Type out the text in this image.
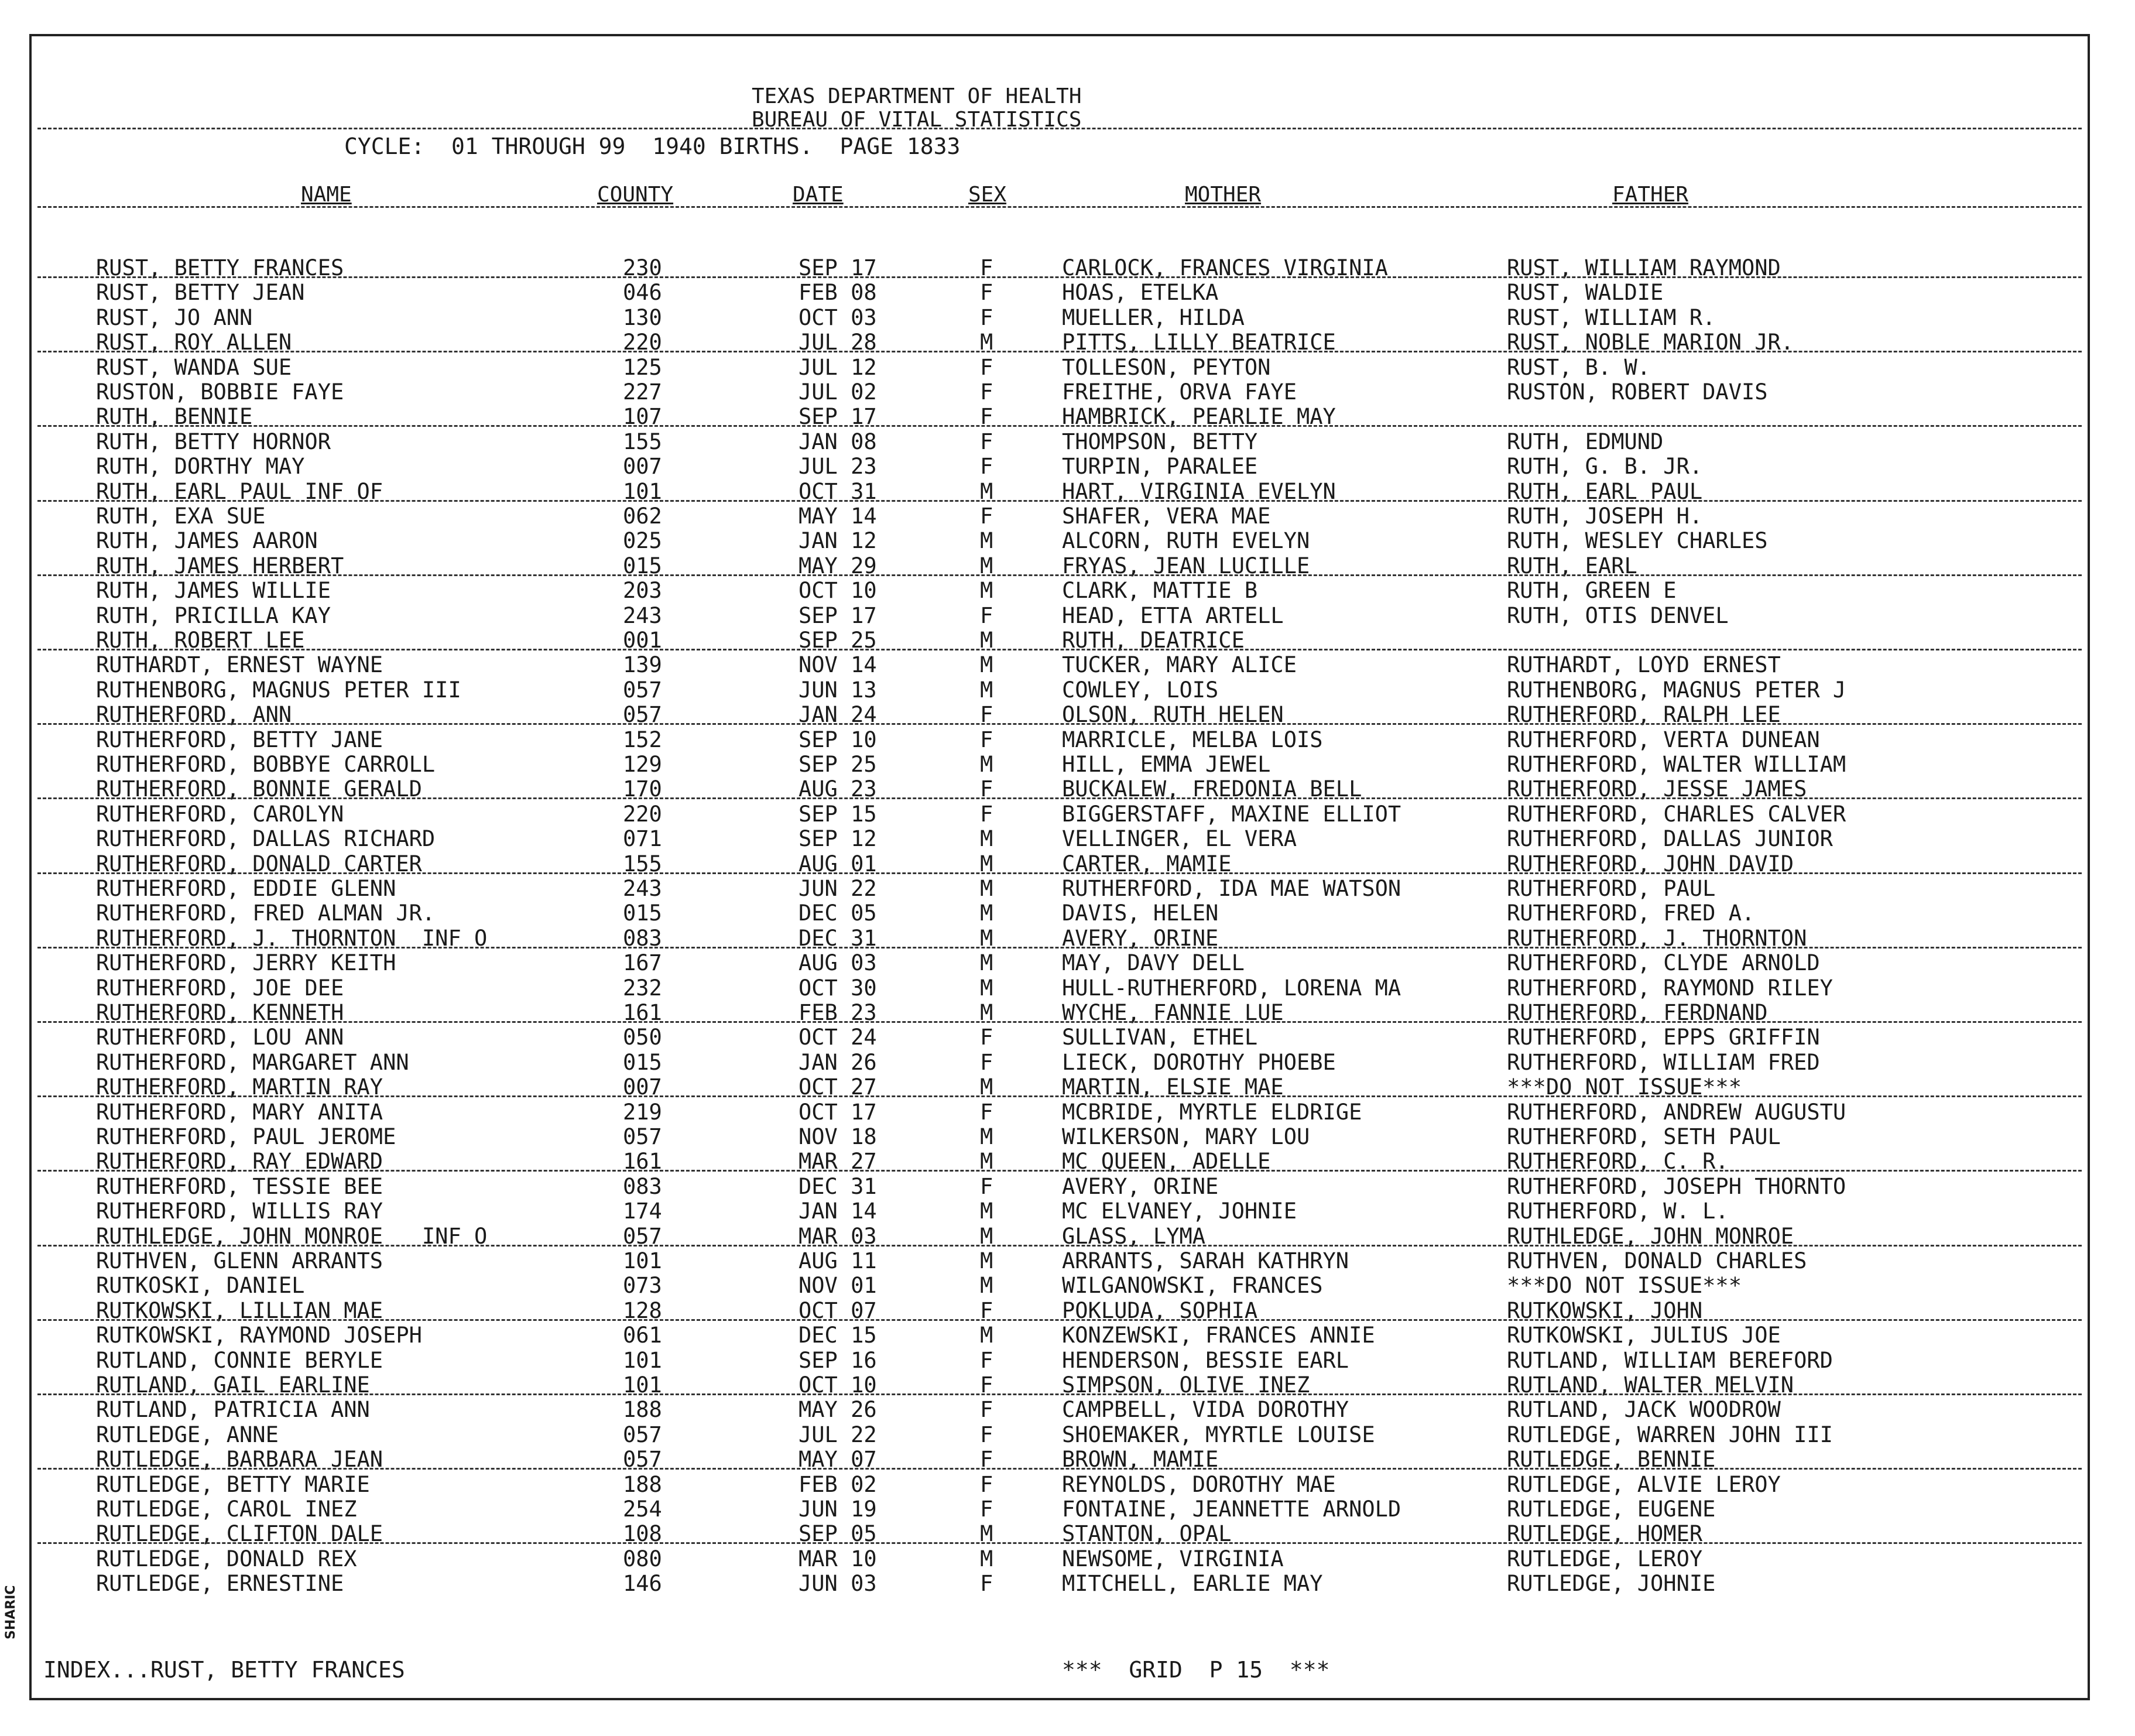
TEXAS DEPARTMENT OF HEALTH
BUREAU OF VITAL STATISTICS
CYCLE:  01 THROUGH 99  1940 BIRTHS.  PAGE 1833
NAME	COUNTY	DATE	SEX	MOTHER	FATHER
RUST, BETTY FRANCES	230	SEP 17	F	CARLOCK, FRANCES VIRGINIA	RUST, WILLIAM RAYMOND
RUST, BETTY JEAN	046	FEB 08	F	HOAS, ETELKA	RUST, WALDIE
RUST, JO ANN	130	OCT 03	F	MUELLER, HILDA	RUST, WILLIAM R.
RUST, ROY ALLEN	220	JUL 28	M	PITTS, LILLY BEATRICE	RUST, NOBLE MARION JR.
RUST, WANDA SUE	125	JUL 12	F	TOLLESON, PEYTON	RUST, B. W.
RUSTON, BOBBIE FAYE	227	JUL 02	F	FREITHE, ORVA FAYE	RUSTON, ROBERT DAVIS
RUTH, BENNIE	107	SEP 17	F	HAMBRICK, PEARLIE MAY
RUTH, BETTY HORNOR	155	JAN 08	F	THOMPSON, BETTY	RUTH, EDMUND
RUTH, DORTHY MAY	007	JUL 23	F	TURPIN, PARALEE	RUTH, G. B. JR.
RUTH, EARL PAUL INF OF	101	OCT 31	M	HART, VIRGINIA EVELYN	RUTH, EARL PAUL
RUTH, EXA SUE	062	MAY 14	F	SHAFER, VERA MAE	RUTH, JOSEPH H.
RUTH, JAMES AARON	025	JAN 12	M	ALCORN, RUTH EVELYN	RUTH, WESLEY CHARLES
RUTH, JAMES HERBERT	015	MAY 29	M	FRYAS, JEAN LUCILLE	RUTH, EARL
RUTH, JAMES WILLIE	203	OCT 10	M	CLARK, MATTIE B	RUTH, GREEN E
RUTH, PRICILLA KAY	243	SEP 17	F	HEAD, ETTA ARTELL	RUTH, OTIS DENVEL
RUTH, ROBERT LEE	001	SEP 25	M	RUTH, DEATRICE
RUTHARDT, ERNEST WAYNE	139	NOV 14	M	TUCKER, MARY ALICE	RUTHARDT, LOYD ERNEST
RUTHENBORG, MAGNUS PETER III	057	JUN 13	M	COWLEY, LOIS	RUTHENBORG, MAGNUS PETER J
RUTHERFORD, ANN	057	JAN 24	F	OLSON, RUTH HELEN	RUTHERFORD, RALPH LEE
RUTHERFORD, BETTY JANE	152	SEP 10	F	MARRICLE, MELBA LOIS	RUTHERFORD, VERTA DUNEAN
RUTHERFORD, BOBBYE CARROLL	129	SEP 25	M	HILL, EMMA JEWEL	RUTHERFORD, WALTER WILLIAM
RUTHERFORD, BONNIE GERALD	170	AUG 23	F	BUCKALEW, FREDONIA BELL	RUTHERFORD, JESSE JAMES
RUTHERFORD, CAROLYN	220	SEP 15	F	BIGGERSTAFF, MAXINE ELLIOT	RUTHERFORD, CHARLES CALVER
RUTHERFORD, DALLAS RICHARD	071	SEP 12	M	VELLINGER, EL VERA	RUTHERFORD, DALLAS JUNIOR
RUTHERFORD, DONALD CARTER	155	AUG 01	M	CARTER, MAMIE	RUTHERFORD, JOHN DAVID
RUTHERFORD, EDDIE GLENN	243	JUN 22	M	RUTHERFORD, IDA MAE WATSON	RUTHERFORD, PAUL
RUTHERFORD, FRED ALMAN JR.	015	DEC 05	M	DAVIS, HELEN	RUTHERFORD, FRED A.
RUTHERFORD, J. THORNTON  INF O	083	DEC 31	M	AVERY, ORINE	RUTHERFORD, J. THORNTON
RUTHERFORD, JERRY KEITH	167	AUG 03	M	MAY, DAVY DELL	RUTHERFORD, CLYDE ARNOLD
RUTHERFORD, JOE DEE	232	OCT 30	M	HULL-RUTHERFORD, LORENA MA	RUTHERFORD, RAYMOND RILEY
RUTHERFORD, KENNETH	161	FEB 23	M	WYCHE, FANNIE LUE	RUTHERFORD, FERDNAND
RUTHERFORD, LOU ANN	050	OCT 24	F	SULLIVAN, ETHEL	RUTHERFORD, EPPS GRIFFIN
RUTHERFORD, MARGARET ANN	015	JAN 26	F	LIECK, DOROTHY PHOEBE	RUTHERFORD, WILLIAM FRED
RUTHERFORD, MARTIN RAY	007	OCT 27	M	MARTIN, ELSIE MAE	***DO NOT ISSUE***
RUTHERFORD, MARY ANITA	219	OCT 17	F	MCBRIDE, MYRTLE ELDRIGE	RUTHERFORD, ANDREW AUGUSTU
RUTHERFORD, PAUL JEROME	057	NOV 18	M	WILKERSON, MARY LOU	RUTHERFORD, SETH PAUL
RUTHERFORD, RAY EDWARD	161	MAR 27	M	MC QUEEN, ADELLE	RUTHERFORD, C. R.
RUTHERFORD, TESSIE BEE	083	DEC 31	F	AVERY, ORINE	RUTHERFORD, JOSEPH THORNTO
RUTHERFORD, WILLIS RAY	174	JAN 14	M	MC ELVANEY, JOHNIE	RUTHERFORD, W. L.
RUTHLEDGE, JOHN MONROE   INF O	057	MAR 03	M	GLASS, LYMA	RUTHLEDGE, JOHN MONROE
RUTHVEN, GLENN ARRANTS	101	AUG 11	M	ARRANTS, SARAH KATHRYN	RUTHVEN, DONALD CHARLES
RUTKOSKI, DANIEL	073	NOV 01	M	WILGANOWSKI, FRANCES	***DO NOT ISSUE***
RUTKOWSKI, LILLIAN MAE	128	OCT 07	F	POKLUDA, SOPHIA	RUTKOWSKI, JOHN
RUTKOWSKI, RAYMOND JOSEPH	061	DEC 15	M	KONZEWSKI, FRANCES ANNIE	RUTKOWSKI, JULIUS JOE
RUTLAND, CONNIE BERYLE	101	SEP 16	F	HENDERSON, BESSIE EARL	RUTLAND, WILLIAM BEREFORD
RUTLAND, GAIL EARLINE	101	OCT 10	F	SIMPSON, OLIVE INEZ	RUTLAND, WALTER MELVIN
RUTLAND, PATRICIA ANN	188	MAY 26	F	CAMPBELL, VIDA DOROTHY	RUTLAND, JACK WOODROW
RUTLEDGE, ANNE	057	JUL 22	F	SHOEMAKER, MYRTLE LOUISE	RUTLEDGE, WARREN JOHN III
RUTLEDGE, BARBARA JEAN	057	MAY 07	F	BROWN, MAMIE	RUTLEDGE, BENNIE
RUTLEDGE, BETTY MARIE	188	FEB 02	F	REYNOLDS, DOROTHY MAE	RUTLEDGE, ALVIE LEROY
RUTLEDGE, CAROL INEZ	254	JUN 19	F	FONTAINE, JEANNETTE ARNOLD	RUTLEDGE, EUGENE
RUTLEDGE, CLIFTON DALE	108	SEP 05	M	STANTON, OPAL	RUTLEDGE, HOMER
RUTLEDGE, DONALD REX	080	MAR 10	M	NEWSOME, VIRGINIA	RUTLEDGE, LEROY
RUTLEDGE, ERNESTINE	146	JUN 03	F	MITCHELL, EARLIE MAY	RUTLEDGE, JOHNIE
INDEX...RUST, BETTY FRANCES	***  GRID  P 15  ***
SHARIC
